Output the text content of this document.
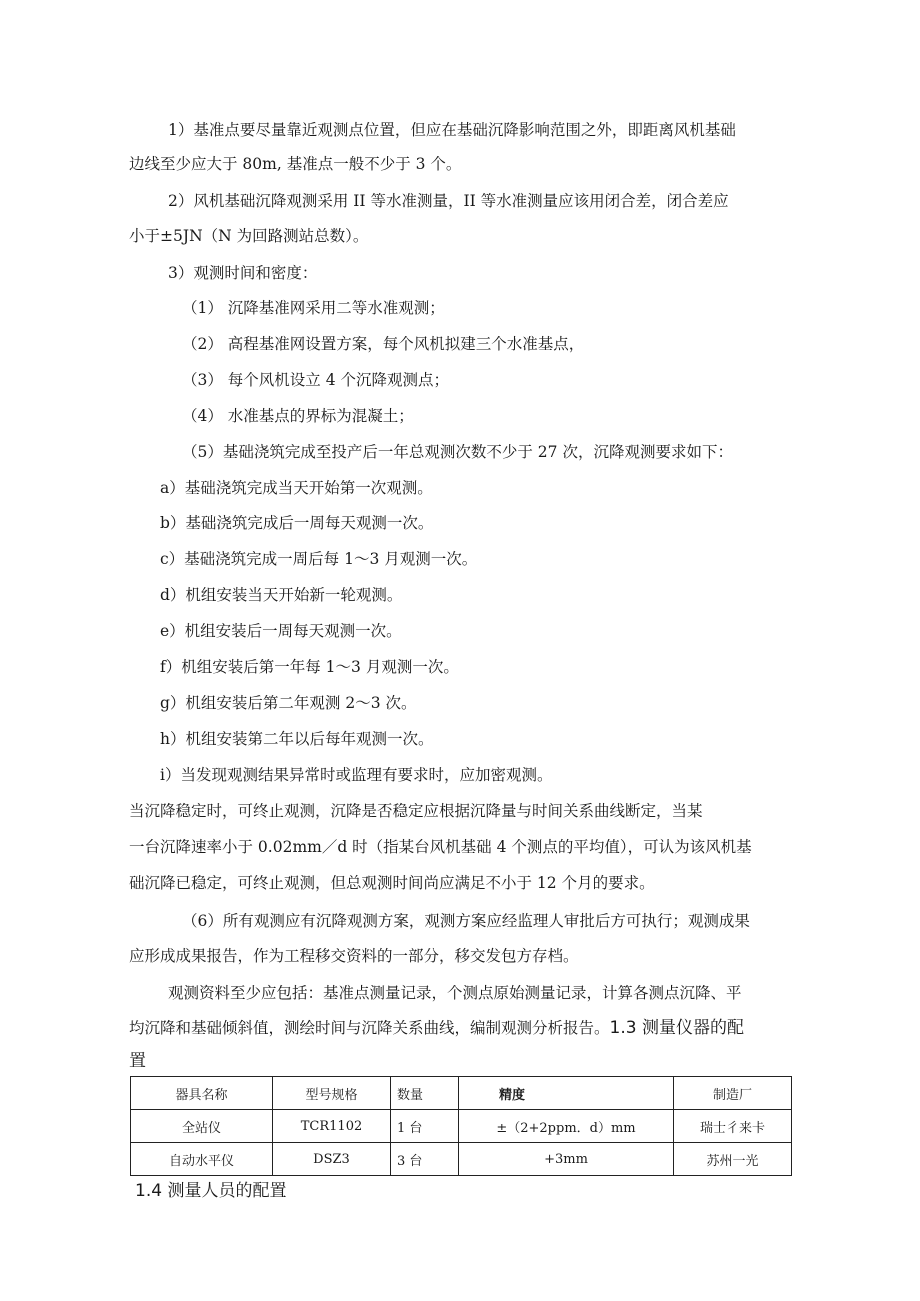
1）基准点要尽量靠近观测点位置，但应在基础沉降影响范围之外，即距离风机基础
边线至少应大于 80m, 基准点一般不少于 3 个。
2）风机基础沉降观测采用 II 等水准测量，II 等水准测量应该用闭合差，闭合差应
小于±5JN（N 为回路测站总数）。
3）观测时间和密度：
（1） 沉降基准网采用二等水准观测；
（2） 高程基准网设置方案，每个风机拟建三个水准基点，
（3） 每个风机设立 4 个沉降观测点；
（4） 水准基点的界标为混凝土；
（5）基础浇筑完成至投产后一年总观测次数不少于 27 次，沉降观测要求如下：
a）基础浇筑完成当天开始第一次观测。
b）基础浇筑完成后一周每天观测一次。
c）基础浇筑完成一周后每 1～3 月观测一次。
d）机组安装当天开始新一轮观测。
e）机组安装后一周每天观测一次。
f）机组安装后第一年每 1～3 月观测一次。
g）机组安装后第二年观测 2～3 次。
h）机组安装第二年以后每年观测一次。
i）当发现观测结果异常时或监理有要求时，应加密观测。
当沉降稳定时，可终止观测，沉降是否稳定应根据沉降量与时间关系曲线断定，当某
一台沉降速率小于 0.02mm／d 时（指某台风机基础 4 个测点的平均值），可认为该风机基
础沉降已稳定，可终止观测，但总观测时间尚应满足不小于 12 个月的要求。
（6）所有观测应有沉降观测方案，观测方案应经监理人审批后方可执行；观测成果
应形成成果报告，作为工程移交资料的一部分，移交发包方存档。
观测资料至少应包括：基准点测量记录，个测点原始测量记录，计算各测点沉降、平
均沉降和基础倾斜值，测绘时间与沉降关系曲线，编制观测分析报告。1.3 测量仪器的配
置
器具名称	型号规格	数量	精度	制造厂
全站仪	TCR1102	1 台	±（2+2ppm．d）mm	瑞士彳来卡
自动水平仪	DSZ3	3 台	+3mm	苏州一光
1.4 测量人员的配置
